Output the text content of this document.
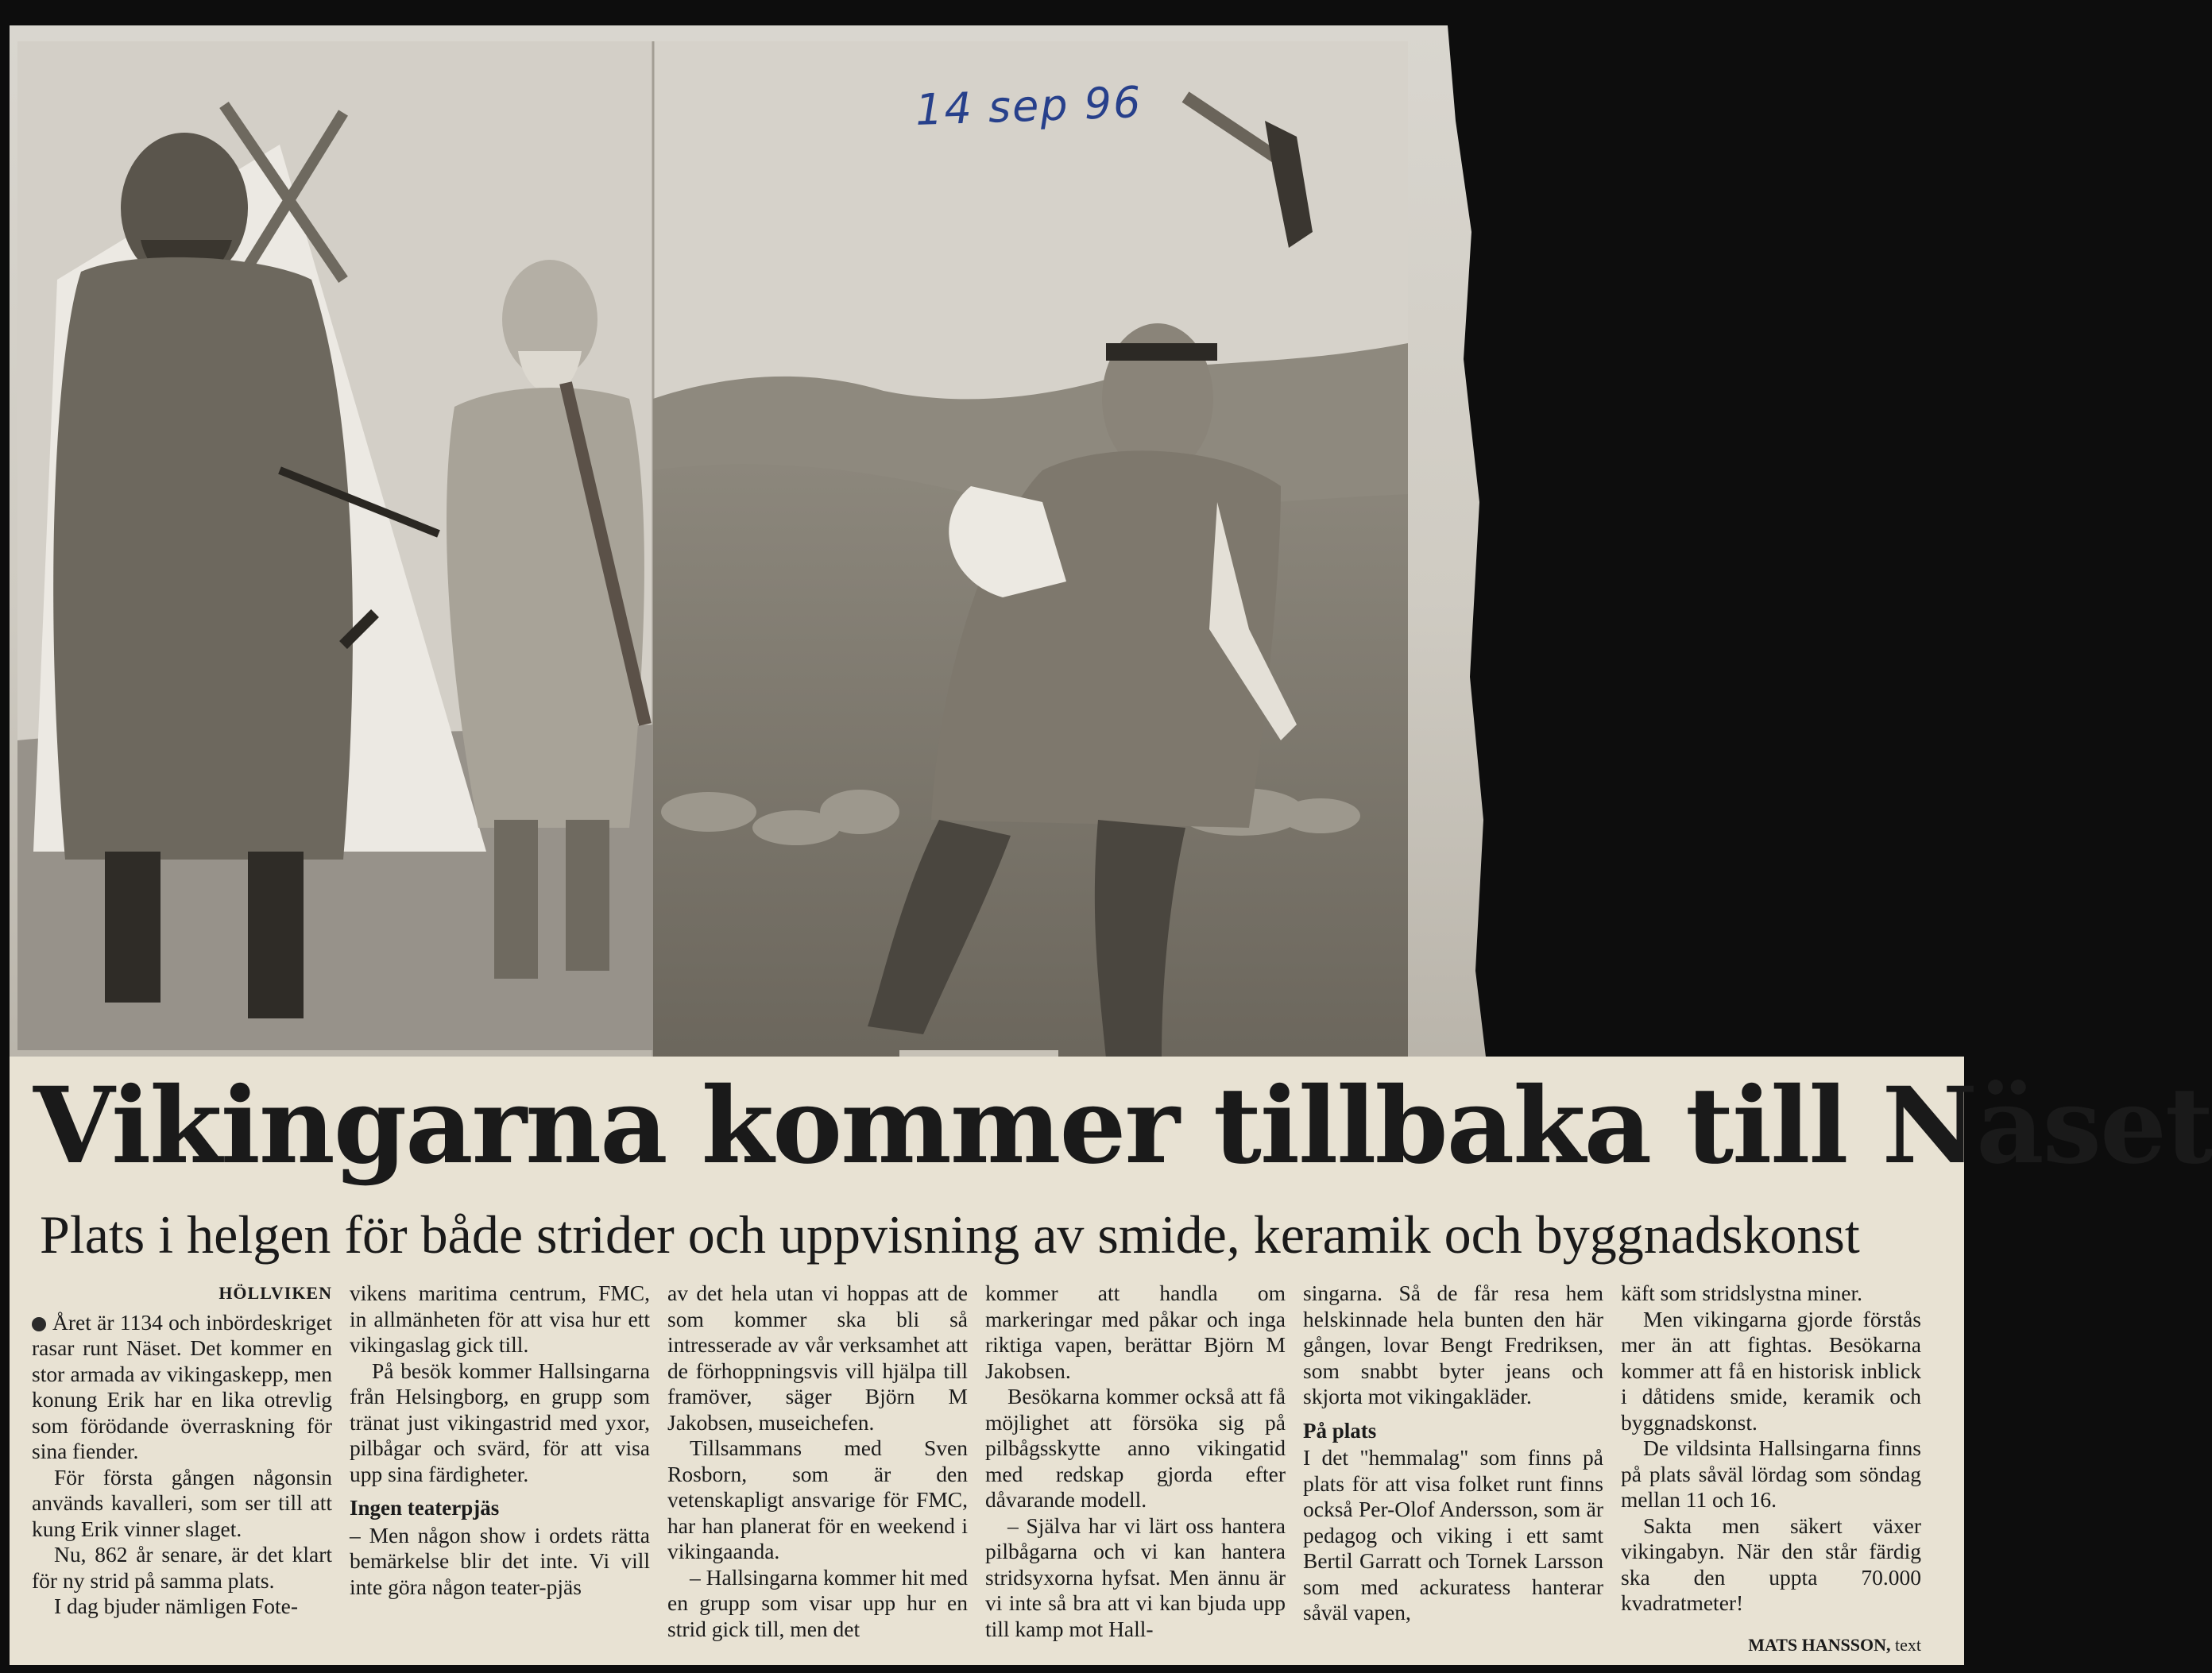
14 sep 96
Vikingarna kommer tillbaka till Näset
Plats i helgen för både strider och uppvisning av smide, keramik och byggnadskonst
HÖLLVIKEN

Året är 1134 och inbördeskriget rasar runt Näset. Det kommer en stor armada av vikingaskepp, men konung Erik har en lika otrevlig som förödande överraskning för sina fiender.

För första gången någonsin används kavalleri, som ser till att kung Erik vinner slaget.

Nu, 862 år senare, är det klart för ny strid på samma plats.

I dag bjuder nämligen Fote-

vikens maritima centrum, FMC, in allmänheten för att visa hur ett vikingaslag gick till.

På besök kommer Hallsingarna från Helsingborg, en grupp som tränat just vikingastrid med yxor, pilbågar och svärd, för att visa upp sina färdigheter.

Ingen teaterpjäs

– Men någon show i ordets rätta bemärkelse blir det inte. Vi vill inte göra någon teater-pjäs

av det hela utan vi hoppas att de som kommer ska bli så intresserade av vår verksamhet att de förhoppningsvis vill hjälpa till framöver, säger Björn M Jakobsen, museichefen.

Tillsammans med Sven Rosborn, som är den vetenskapligt ansvarige för FMC, har han planerat för en weekend i vikingaanda.

– Hallsingarna kommer hit med en grupp som visar upp hur en strid gick till, men det

kommer att handla om markeringar med påkar och inga riktiga vapen, berättar Björn M Jakobsen.

Besökarna kommer också att få möjlighet att försöka sig på pilbågsskytte anno vikingatid med redskap gjorda efter dåvarande modell.

– Själva har vi lärt oss hantera pilbågarna och vi kan hantera stridsyxorna hyfsat. Men ännu är vi inte så bra att vi kan bjuda upp till kamp mot Hall-

singarna. Så de får resa hem helskinnade hela bunten den här gången, lovar Bengt Fredriksen, som snabbt byter jeans och skjorta mot vikingakläder.

På plats

I det "hemmalag" som finns på plats för att visa folket runt finns också Per-Olof Andersson, som är pedagog och viking i ett samt Bertil Garratt och Tornek Larsson som med ackuratess hanterar såväl vapen,

käft som stridslystna miner.

Men vikingarna gjorde förstås mer än att fightas. Besökarna kommer att få en historisk inblick i dåtidens smide, keramik och byggnadskonst.

De vildsinta Hallsingarna finns på plats såväl lördag som söndag mellan 11 och 16.

Sakta men säkert växer vikingabyn. När den står färdig ska den uppta 70.000 kvadratmeter!

MATS HANSSON, text
